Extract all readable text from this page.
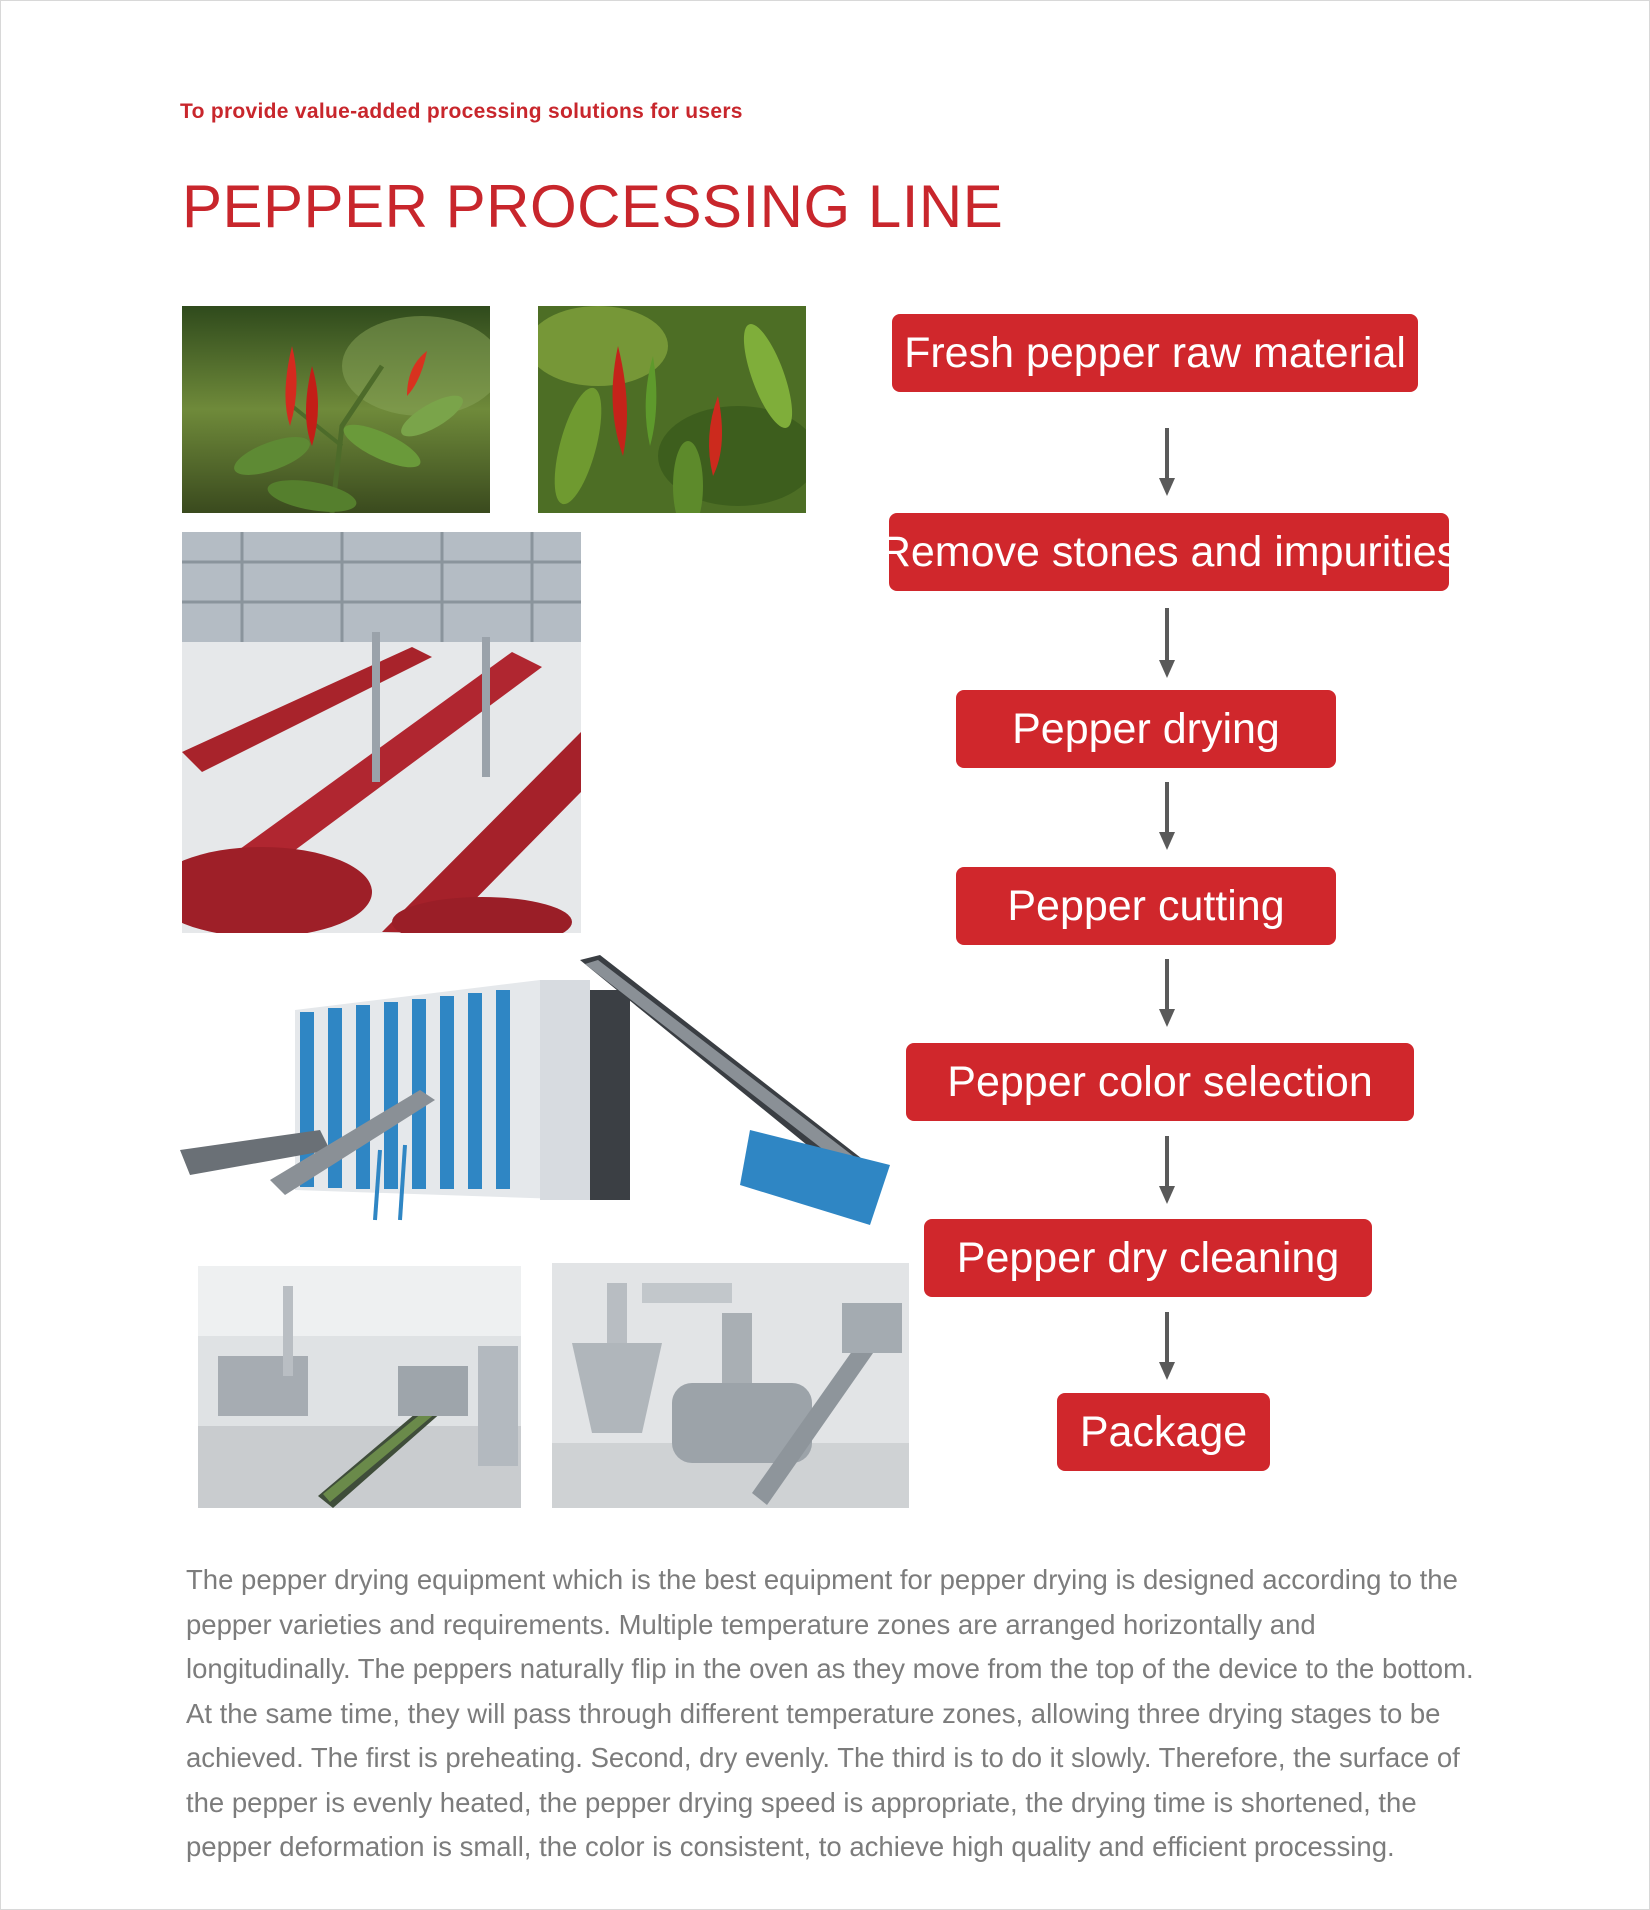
To provide value-added processing solutions for users
PEPPER PROCESSING LINE
Fresh pepper raw material
Remove stones and impurities
Pepper drying
Pepper cutting
Pepper color selection
Pepper dry cleaning
Package
The pepper drying equipment which is the best equipment for pepper drying is designed according to the pepper varieties and requirements. Multiple temperature zones are arranged horizontally and longitudinally. The peppers naturally flip in the oven as they move from the top of the device to the bottom. At the same time, they will pass through different temperature zones, allowing three drying stages to be achieved. The first is preheating. Second, dry evenly. The third is to do it slowly. Therefore, the surface of the pepper is evenly heated, the pepper drying speed is appropriate, the drying time is shortened, the pepper deformation is small, the color is consistent, to achieve high quality and efficient processing.
